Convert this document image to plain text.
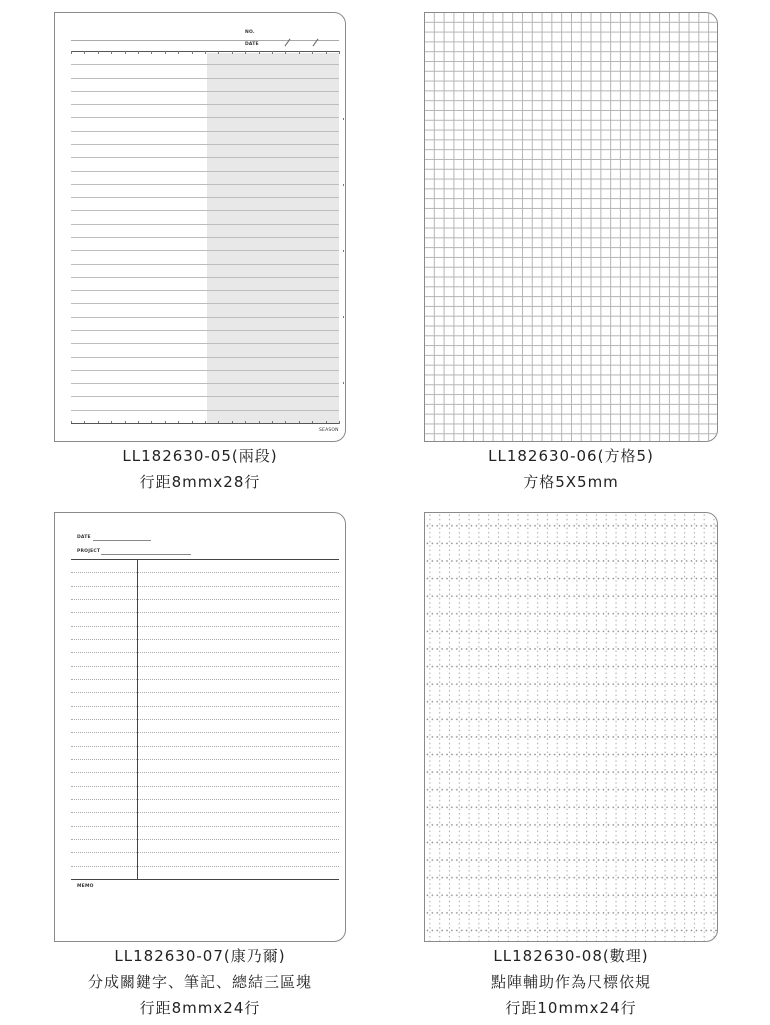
NO.
DATE
SEASON
DATE
PROJECT
MEMO
LL182630-05(兩段)
行距8mmx28行
LL182630-06(方格5)
方格5X5mm
LL182630-07(康乃爾)
分成關鍵字、筆記、總結三區塊
行距8mmx24行
LL182630-08(數理)
點陣輔助作為尺標依規
行距10mmx24行
